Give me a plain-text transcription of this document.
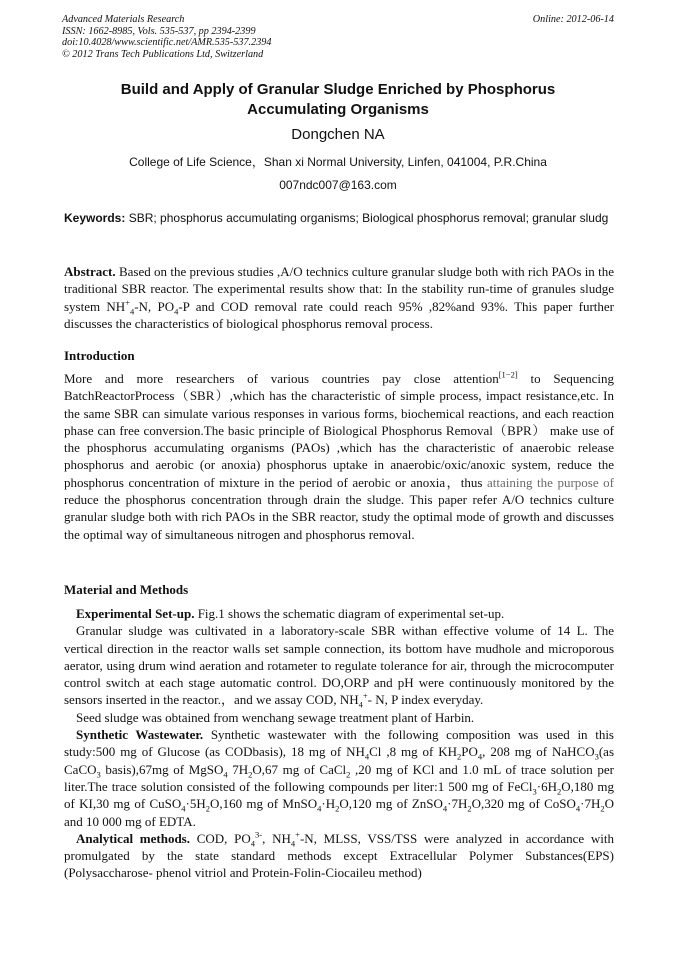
Advanced Materials Research
ISSN: 1662-8985, Vols. 535-537, pp 2394-2399
doi:10.4028/www.scientific.net/AMR.535-537.2394
© 2012 Trans Tech Publications Ltd, Switzerland
Online: 2012-06-14
Build and Apply of Granular Sludge Enriched by Phosphorus
Accumulating Organisms
Dongchen NA
College of Life Science，Shan xi Normal University, Linfen, 041004, P.R.China
007ndc007@163.com
Keywords: SBR; phosphorus accumulating organisms; Biological phosphorus removal; granular sludg
Abstract. Based on the previous studies ,A/O technics culture granular sludge both with rich PAOs in the traditional SBR reactor. The experimental results show that: In the stability run-time of granules sludge system $NH^+_4-N$, $PO_4-P$ and COD removal rate could reach 95% ,82%and 93%. This paper further discusses the characteristics of biological phosphorus removal process.
Introduction
More and more researchers of various countries pay close attention[1−2] to Sequencing BatchReactorProcess（SBR）,which has the characteristic of simple process, impact resistance,etc. In the same SBR can simulate various responses in various forms, biochemical reactions, and each reaction phase can free conversion.The basic principle of Biological Phosphorus Removal（BPR） make use of the phosphorus accumulating organisms (PAOs) ,which has the characteristic of anaerobic release phosphorus and aerobic (or anoxia) phosphorus uptake in anaerobic/oxic/anoxic system, reduce the phosphorus concentration of mixture in the period of aerobic or anoxia，thus attaining the purpose of reduce the phosphorus concentration through drain the sludge. This paper refer A/O technics culture granular sludge both with rich PAOs in the SBR reactor, study the optimal mode of growth and discusses the optimal way of simultaneous nitrogen and phosphorus removal.
Material and Methods

Experimental Set-up. Fig.1 shows the schematic diagram of experimental set-up.

Granular sludge was cultivated in a laboratory-scale SBR withan effective volume of 14 L. The vertical direction in the reactor walls set sample connection, its bottom have mudhole and microporous aerator, using drum wind aeration and rotameter to regulate tolerance for air, through the microcomputer control switch at each stage automatic control. DO,ORP and pH were continuously monitored by the sensors inserted in the reactor.，and we assay COD, $NH_4^+-$ N, P index everyday.

Seed sludge was obtained from wenchang sewage treatment plant of Harbin.

Synthetic Wastewater. Synthetic wastewater with the following composition was used in this study:500 mg of Glucose (as CODbasis), 18 mg of $NH_4Cl$ ,8 mg of $KH_2PO_4$, 208 mg of NaHCO$_3$(as CaCO$_3$ basis),67mg of MgSO$_4$ $7H_2O,67$ mg of CaCl$_2$ ,20 mg of KCl and 1.0 mL of trace solution per liter.The trace solution consisted of the following compounds per liter:1 500 mg of $FeCl_3\cdot 6H_2O,180$ mg of KI,30 mg of $CuSO_4\cdot 5H_2O,160$ mg of $MnSO_4\cdot H_2O,120$ mg of $ZnSO_4\cdot 7H_2O,320$ mg of $CoSO_4\cdot 7H_2O$ and 10 000 mg of EDTA.

Analytical methods. COD, $PO_4^{3-}$, $NH_4^+-N$, MLSS, VSS/TSS were analyzed in accordance with promulgated by the state standard methods except Extracellular Polymer Substances(EPS) (Polysaccharose- phenol vitriol and Protein-Folin-Ciocaileu method)
